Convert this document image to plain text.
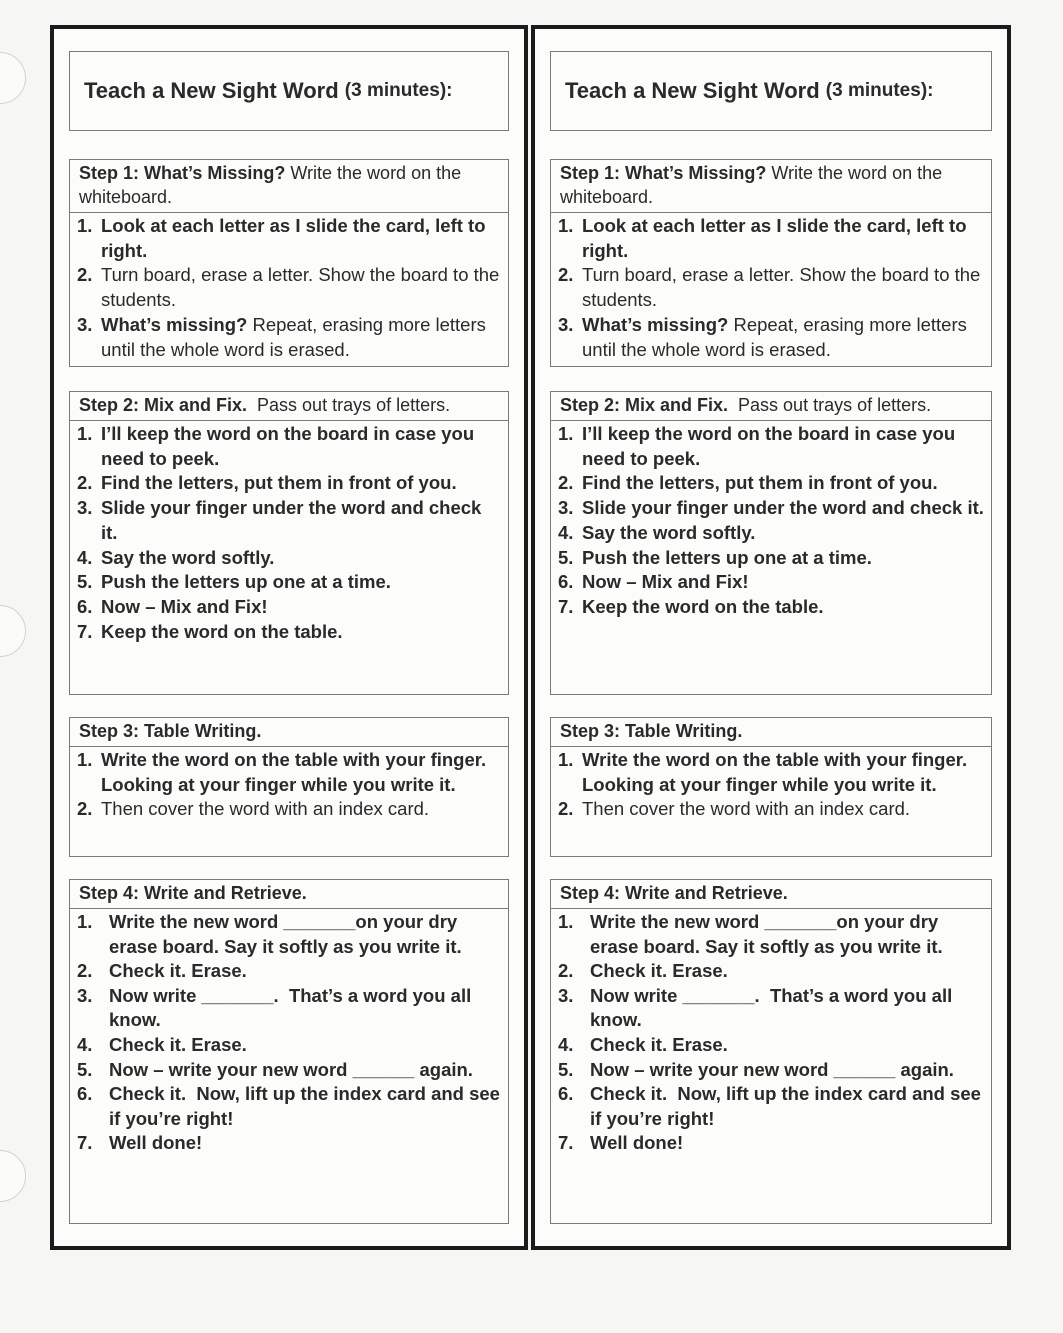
Teach a New Sight Word
(3 minutes) :
Step 1: What’s Missing? Write the word on the whiteboard.
1. Look at each letter as I slide the card, left to right.
2. Turn board, erase a letter. Show the board to the students.
3. What’s missing? Repeat, erasing more letters until the whole word is erased.
Step 2: Mix and Fix.  Pass out trays of letters.
1. I’ll keep the word on the board in case you need to peek.
2. Find the letters, put them in front of you.
3. Slide your finger under the word and check it.
4. Say the word softly.
5. Push the letters up one at a time.
6. Now – Mix and Fix!
7. Keep the word on the table.
Step 3: Table Writing.
1. Write the word on the table with your finger. Looking at your finger while you write it.
2. Then cover the word with an index card.
Step 4: Write and Retrieve.
1. Write the new word _______on your dry erase board. Say it softly as you write it.
2. Check it. Erase.
3. Now write _______.  That’s a word you all know.
4. Check it. Erase.
5. Now – write your new word ______ again.
6. Check it.  Now, lift up the index card and see if you’re right!
7. Well done!
Teach a New Sight Word
(3 minutes) :
Step 1: What’s Missing? Write the word on the whiteboard.
1. Look at each letter as I slide the card, left to right.
2. Turn board, erase a letter. Show the board to the students.
3. What’s missing? Repeat, erasing more letters until the whole word is erased.
Step 2: Mix and Fix.  Pass out trays of letters.
1. I’ll keep the word on the board in case you need to peek.
2. Find the letters, put them in front of you.
3. Slide your finger under the word and check it.
4. Say the word softly.
5. Push the letters up one at a time.
6. Now – Mix and Fix!
7. Keep the word on the table.
Step 3: Table Writing.
1. Write the word on the table with your finger. Looking at your finger while you write it.
2. Then cover the word with an index card.
Step 4: Write and Retrieve.
1. Write the new word _______on your dry erase board. Say it softly as you write it.
2. Check it. Erase.
3. Now write _______.  That’s a word you all know.
4. Check it. Erase.
5. Now – write your new word ______ again.
6. Check it.  Now, lift up the index card and see if you’re right!
7. Well done!
